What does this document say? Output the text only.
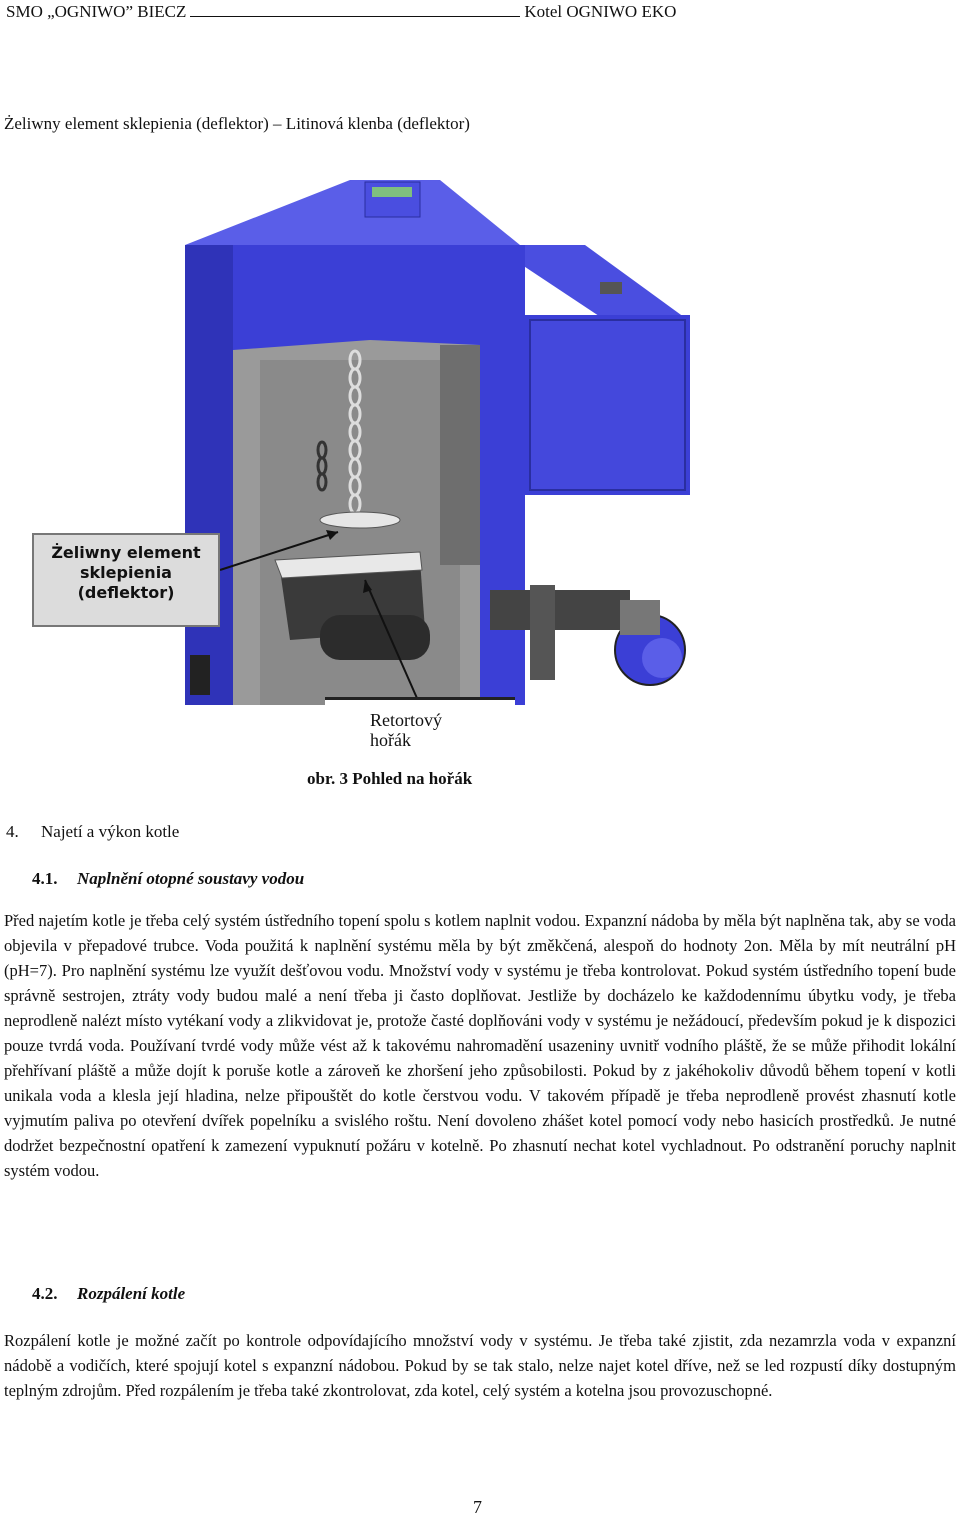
SMO „OGNIWO” BIECZ	Kotel OGNIWO EKO
Żeliwny element sklepienia (deflektor) – Litinová klenba (deflektor)
Żeliwny element
sklepienia
(deflektor)
Retortový
hořák
obr. 3 Pohled na hořák
4. Najetí a výkon kotle
4.1. Naplnění otopné soustavy vodou
Před najetím kotle je třeba celý systém ústředního topení spolu s kotlem naplnit vodou. Expanzní nádoba by měla být naplněna tak, aby se voda objevila v přepadové trubce. Voda použitá k naplnění systému měla by být změkčená, alespoň do hodnoty 2on. Měla by mít neutrální pH (pH=7). Pro naplnění systému lze využít dešťovou vodu. Množství vody v systému je třeba kontrolovat. Pokud systém ústředního topení bude správně sestrojen, ztráty vody budou malé a není třeba ji často doplňovat. Jestliže by docházelo ke každodennímu úbytku vody, je třeba neprodleně nalézt místo vytékaní vody a zlikvidovat je, protože časté doplňováni vody v systému je nežádoucí, především pokud je k dispozici pouze tvrdá voda. Používaní tvrdé vody může vést až k takovému nahromadění usazeniny uvnitř vodního pláště, že se může přihodit lokální přehřívaní pláště a může dojít k poruše kotle a zároveň ke zhoršení jeho způsobilosti. Pokud by z jakéhokoliv důvodů během topení v kotli unikala voda a klesla její hladina, nelze připouštět do kotle čerstvou vodu. V takovém případě je třeba neprodleně provést zhasnutí kotle vyjmutím paliva po otevření dvířek popelníku a svislého roštu. Není dovoleno zhášet kotel pomocí vody nebo hasicích prostředků. Je nutné dodržet bezpečnostní opatření k zamezení vypuknutí požáru v kotelně. Po zhasnutí nechat kotel vychladnout. Po odstranění poruchy naplnit systém vodou.
4.2. Rozpálení kotle
Rozpálení kotle je možné začít po kontrole odpovídajícího množství vody v systému. Je třeba také zjistit, zda nezamrzla voda v expanzní nádobě a vodičích, které spojují kotel s expanzní nádobou. Pokud by se tak stalo, nelze najet kotel dříve, než se led rozpustí díky dostupným teplným zdrojům. Před rozpálením je třeba také zkontrolovat, zda kotel, celý systém a kotelna jsou provozuschopné.
7
